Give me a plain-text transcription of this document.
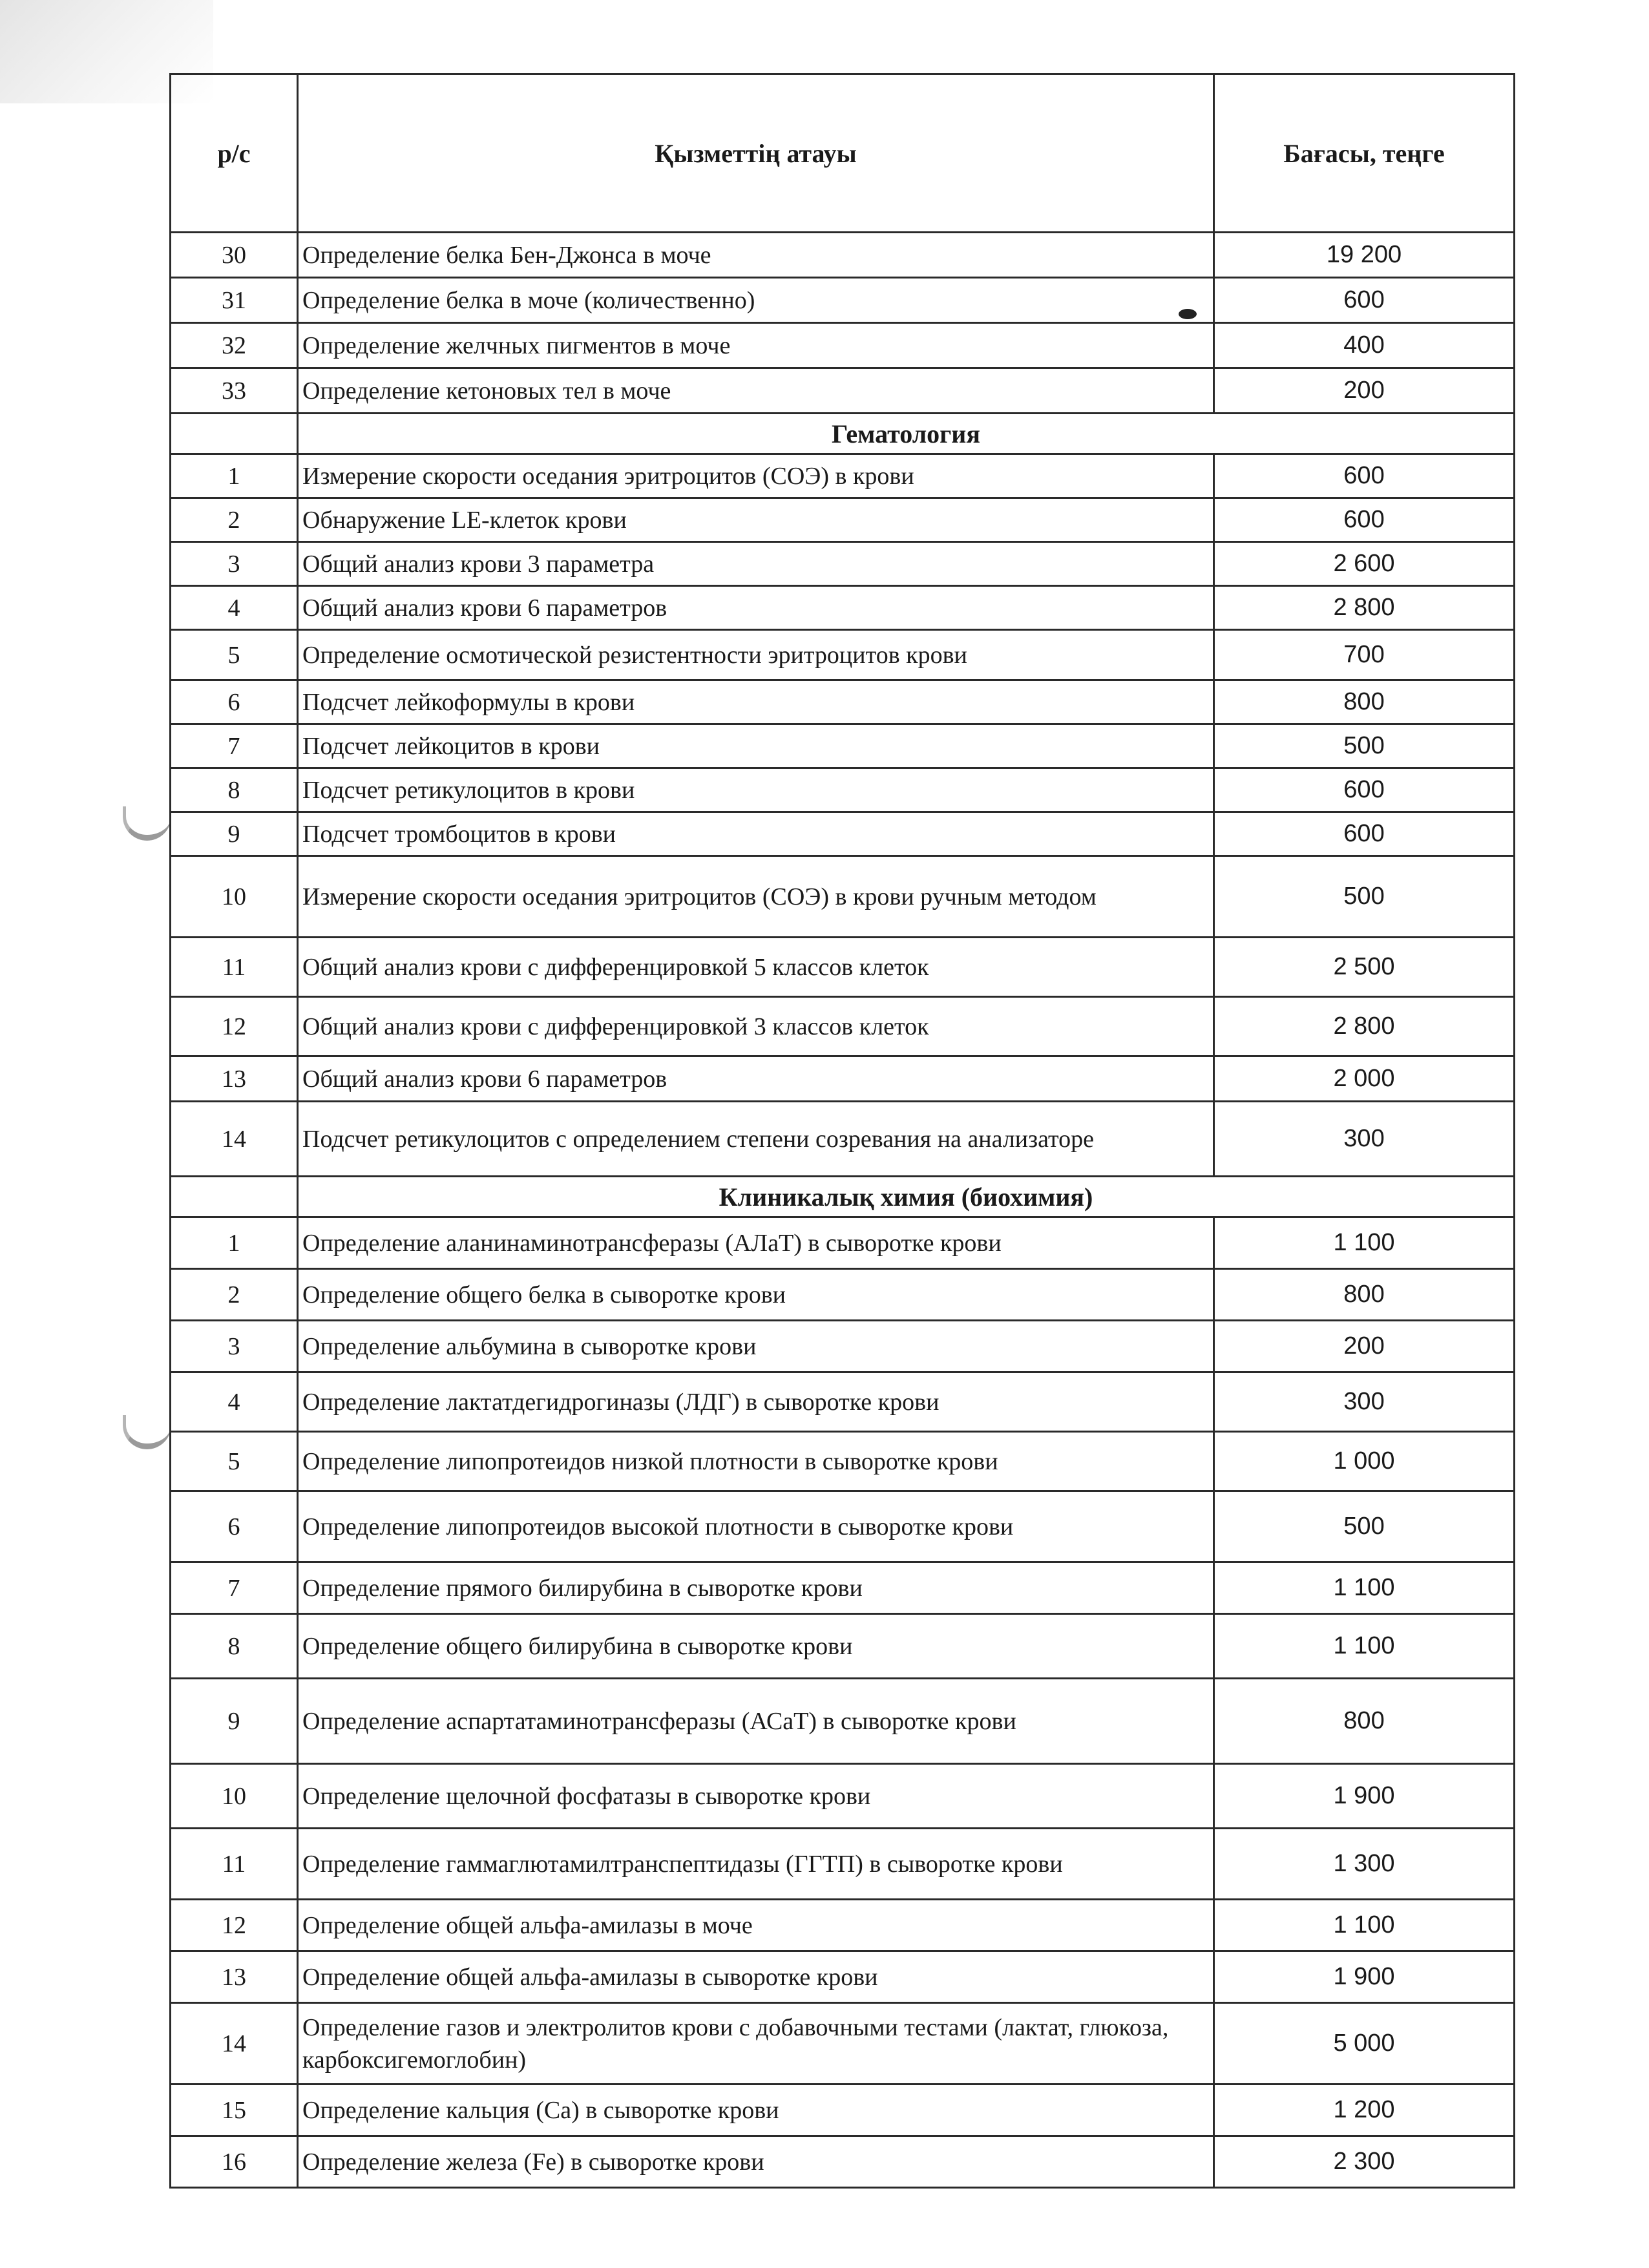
р/с	Қызметтің атауы	Бағасы, теңге
30	Определение белка Бен-Джонса в моче	19 200
31	Определение белка в моче (количественно)	600
32	Определение желчных пигментов в моче	400
33	Определение кетоновых тел в моче	200
	Гематология	
1	Измерение скорости оседания эритроцитов (СОЭ) в крови	600
2	Обнаружение LE-клеток крови	600
3	Общий анализ крови 3 параметра	2 600
4	Общий анализ крови 6 параметров	2 800
5	Определение осмотической резистентности эритроцитов крови	700
6	Подсчет лейкоформулы в крови	800
7	Подсчет лейкоцитов в крови	500
8	Подсчет ретикулоцитов в крови	600
9	Подсчет тромбоцитов в крови	600
10	Измерение скорости оседания эритроцитов (СОЭ) в крови ручным методом	500
11	Общий анализ крови с дифференцировкой 5 классов клеток	2 500
12	Общий анализ крови с дифференцировкой 3 классов клеток	2 800
13	Общий анализ крови 6 параметров	2 000
14	Подсчет ретикулоцитов с определением степени созревания на анализаторе	300
	Клиникалық химия (биохимия)	
1	Определение аланинаминотрансферазы (АЛаТ) в сыворотке крови	1 100
2	Определение общего белка в сыворотке крови	800
3	Определение альбумина в сыворотке крови	200
4	Определение лактатдегидрогиназы (ЛДГ) в сыворотке крови	300
5	Определение липопротеидов низкой плотности в сыворотке крови	1 000
6	Определение липопротеидов высокой плотности в сыворотке крови	500
7	Определение прямого билирубина в сыворотке крови	1 100
8	Определение общего билирубина в сыворотке крови	1 100
9	Определение аспартатаминотрансферазы (АСаТ) в сыворотке крови	800
10	Определение щелочной фосфатазы в сыворотке крови	1 900
11	Определение гаммаглютамилтранспептидазы (ГГТП) в сыворотке крови	1 300
12	Определение общей альфа-амилазы в моче	1 100
13	Определение общей альфа-амилазы в сыворотке крови	1 900
14	Определение газов и электролитов крови с добавочными тестами (лактат, глюкоза, карбоксигемоглобин)	5 000
15	Определение кальция (Са) в сыворотке крови	1 200
16	Определение железа (Fe) в сыворотке крови	2 300
